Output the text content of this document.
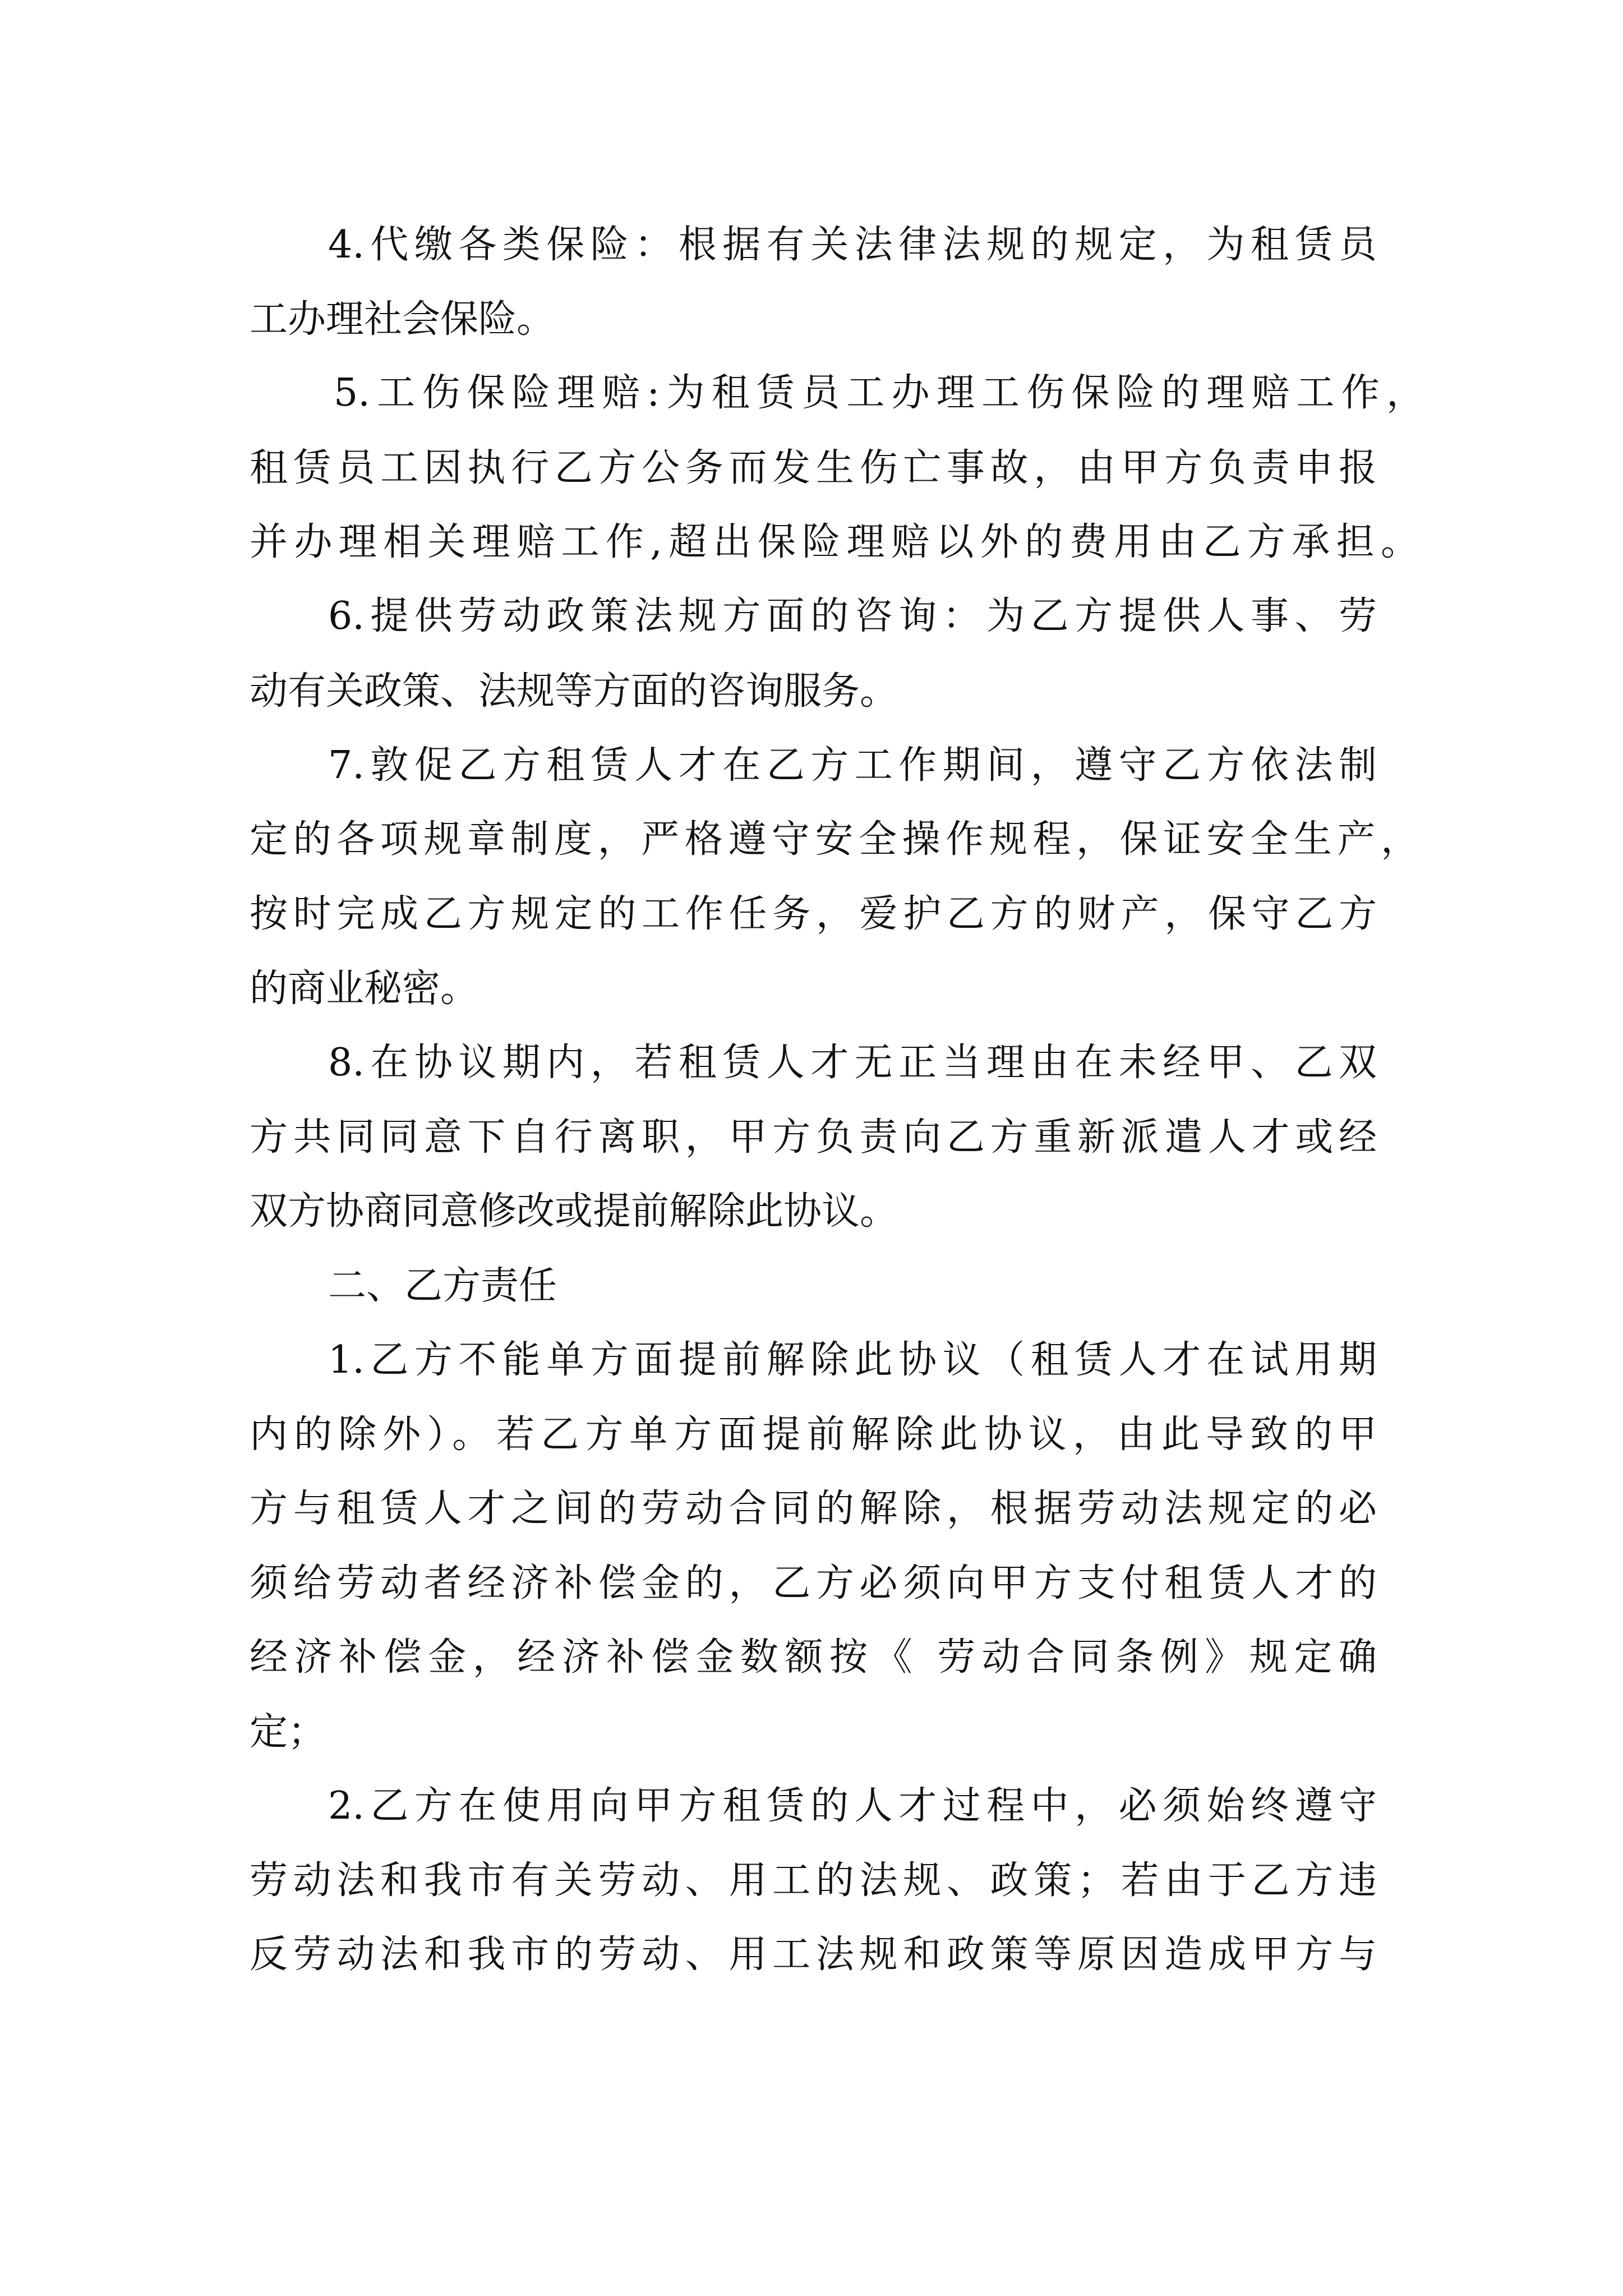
4.代缴各类保险：根据有关法律法规的规定，为租赁员
工办理社会保险。
5.工伤保险理赔:为租赁员工办理工伤保险的理赔工作，
租赁员工因执行乙方公务而发生伤亡事故，由甲方负责申报
并办理相关理赔工作,超出保险理赔以外的费用由乙方承担。
6.提供劳动政策法规方面的咨询：为乙方提供人事、劳
动有关政策、法规等方面的咨询服务。
7.敦促乙方租赁人才在乙方工作期间，遵守乙方依法制
定的各项规章制度，严格遵守安全操作规程，保证安全生产，
按时完成乙方规定的工作任务，爱护乙方的财产，保守乙方
的商业秘密。
8.在协议期内，若租赁人才无正当理由在未经甲、乙双
方共同同意下自行离职，甲方负责向乙方重新派遣人才或经
双方协商同意修改或提前解除此协议。
二、乙方责任
1.乙方不能单方面提前解除此协议（租赁人才在试用期
内的除外）。若乙方单方面提前解除此协议，由此导致的甲
方与租赁人才之间的劳动合同的解除，根据劳动法规定的必
须给劳动者经济补偿金的，乙方必须向甲方支付租赁人才的
经济补偿金，经济补偿金数额按《 劳动合同条例》规定确
定；
2.乙方在使用向甲方租赁的人才过程中，必须始终遵守
劳动法和我市有关劳动、用工的法规、政策；若由于乙方违
反劳动法和我市的劳动、用工法规和政策等原因造成甲方与
